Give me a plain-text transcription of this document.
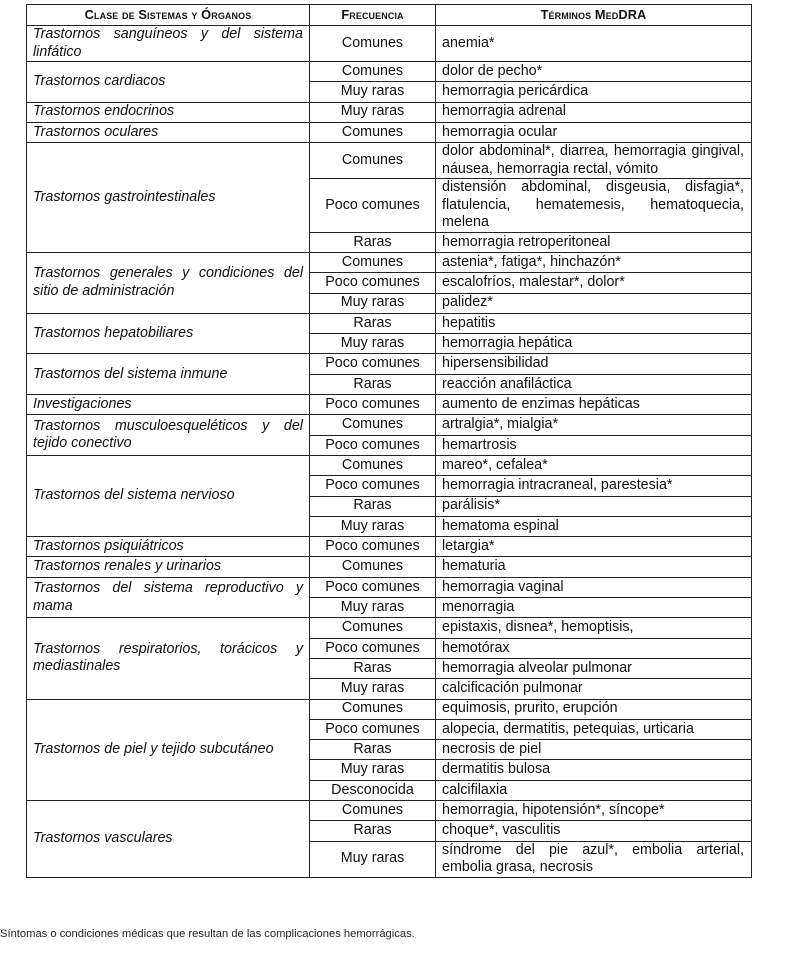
Clase de Sistemas y Órganos	Frecuencia	Términos MedDRA
Trastornos sanguíneos y del sistema linfático	Comunes	anemia*
Trastornos cardiacos	Comunes	dolor de pecho*
	Muy raras	hemorragia pericárdica
Trastornos endocrinos	Muy raras	hemorragia adrenal
Trastornos oculares	Comunes	hemorragia ocular
Trastornos gastrointestinales	Comunes	dolor abdominal*, diarrea, hemorragia gingival, náusea, hemorragia rectal, vómito
	Poco comunes	distensión abdominal, disgeusia, disfagia*, flatulencia, hematemesis, hematoquecia, melena
	Raras	hemorragia retroperitoneal
Trastornos generales y condiciones del sitio de administración	Comunes	astenia*, fatiga*, hinchazón*
	Poco comunes	escalofríos, malestar*, dolor*
	Muy raras	palidez*
Trastornos hepatobiliares	Raras	hepatitis
	Muy raras	hemorragia hepática
Trastornos del sistema inmune	Poco comunes	hipersensibilidad
	Raras	reacción anafiláctica
Investigaciones	Poco comunes	aumento de enzimas hepáticas
Trastornos musculoesqueléticos y del tejido conectivo	Comunes	artralgia*, mialgia*
	Poco comunes	hemartrosis
Trastornos del sistema nervioso	Comunes	mareo*, cefalea*
	Poco comunes	hemorragia intracraneal, parestesia*
	Raras	parálisis*
	Muy raras	hematoma espinal
Trastornos psiquiátricos	Poco comunes	letargia*
Trastornos renales y urinarios	Comunes	hematuria
Trastornos del sistema reproductivo y mama	Poco comunes	hemorragia vaginal
	Muy raras	menorragia
Trastornos respiratorios, torácicos y mediastinales	Comunes	epistaxis, disnea*, hemoptisis,
	Poco comunes	hemotórax
	Raras	hemorragia alveolar pulmonar
	Muy raras	calcificación pulmonar
Trastornos de piel y tejido subcutáneo	Comunes	equimosis, prurito, erupción
	Poco comunes	alopecia, dermatitis, petequias, urticaria
	Raras	necrosis de piel
	Muy raras	dermatitis bulosa
	Desconocida	calcifilaxia
Trastornos vasculares	Comunes	hemorragia, hipotensión*, síncope*
	Raras	choque*, vasculitis
	Muy raras	síndrome del pie azul*, embolia arterial, embolia grasa, necrosis
Síntomas o condiciones médicas que resultan de las complicaciones hemorrágicas.
